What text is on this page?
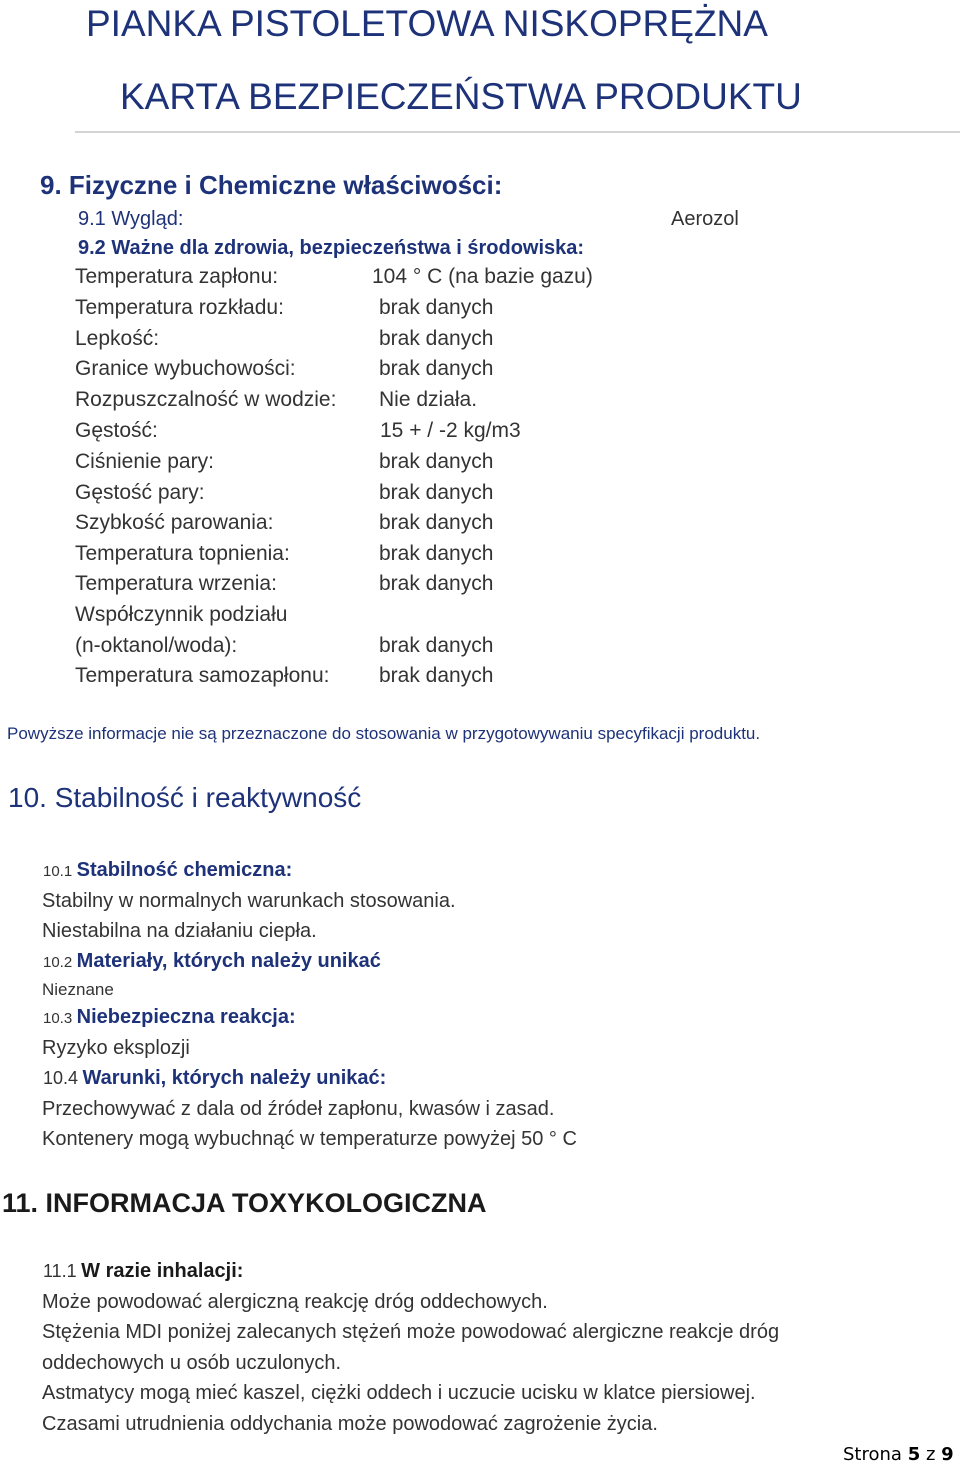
PIANKA PISTOLETOWA NISKOPRĘŻNA
KARTA BEZPIECZEŃSTWA PRODUKTU
9. Fizyczne i Chemiczne właściwości:
9.1 Wygląd:	Aerozol
9.2 Ważne dla zdrowia, bezpieczeństwa i środowiska:
Temperatura zapłonu:	104 ° C (na bazie gazu)
Temperatura rozkładu:	brak danych
Lepkość:	brak danych
Granice wybuchowości:	brak danych
Rozpuszczalność w wodzie: Nie działa.
Gęstość:	15 + / -2 kg/m3
Ciśnienie pary:	brak danych
Gęstość pary:	brak danych
Szybkość parowania:	brak danych
Temperatura topnienia:	brak danych
Temperatura wrzenia:	brak danych
Współczynnik podziału
(n-oktanol/woda):	brak danych
Temperatura samozapłonu: brak danych
Powyższe informacje nie są przeznaczone do stosowania w przygotowywaniu specyfikacji produktu.
10. Stabilność i reaktywność
10.1 Stabilność chemiczna:
Stabilny w normalnych warunkach stosowania.
Niestabilna na działaniu ciepła.
10.2 Materiały, których należy unikać
Nieznane
10.3 Niebezpieczna reakcja:
Ryzyko eksplozji
10.4 Warunki, których należy unikać:
Przechowywać z dala od źródeł zapłonu, kwasów i zasad.
Kontenery mogą wybuchnąć w temperaturze powyżej 50 ° C
11. INFORMACJA TOXYKOLOGICZNA
11.1 W razie inhalacji:
Może powodować alergiczną reakcję dróg oddechowych.
Stężenia MDI poniżej zalecanych stężeń może powodować alergiczne reakcje dróg
oddechowych u osób uczulonych.
Astmatycy mogą mieć kaszel, ciężki oddech i uczucie ucisku w klatce piersiowej.
Czasami utrudnienia oddychania może powodować zagrożenie życia.
Strona 5 z 9
